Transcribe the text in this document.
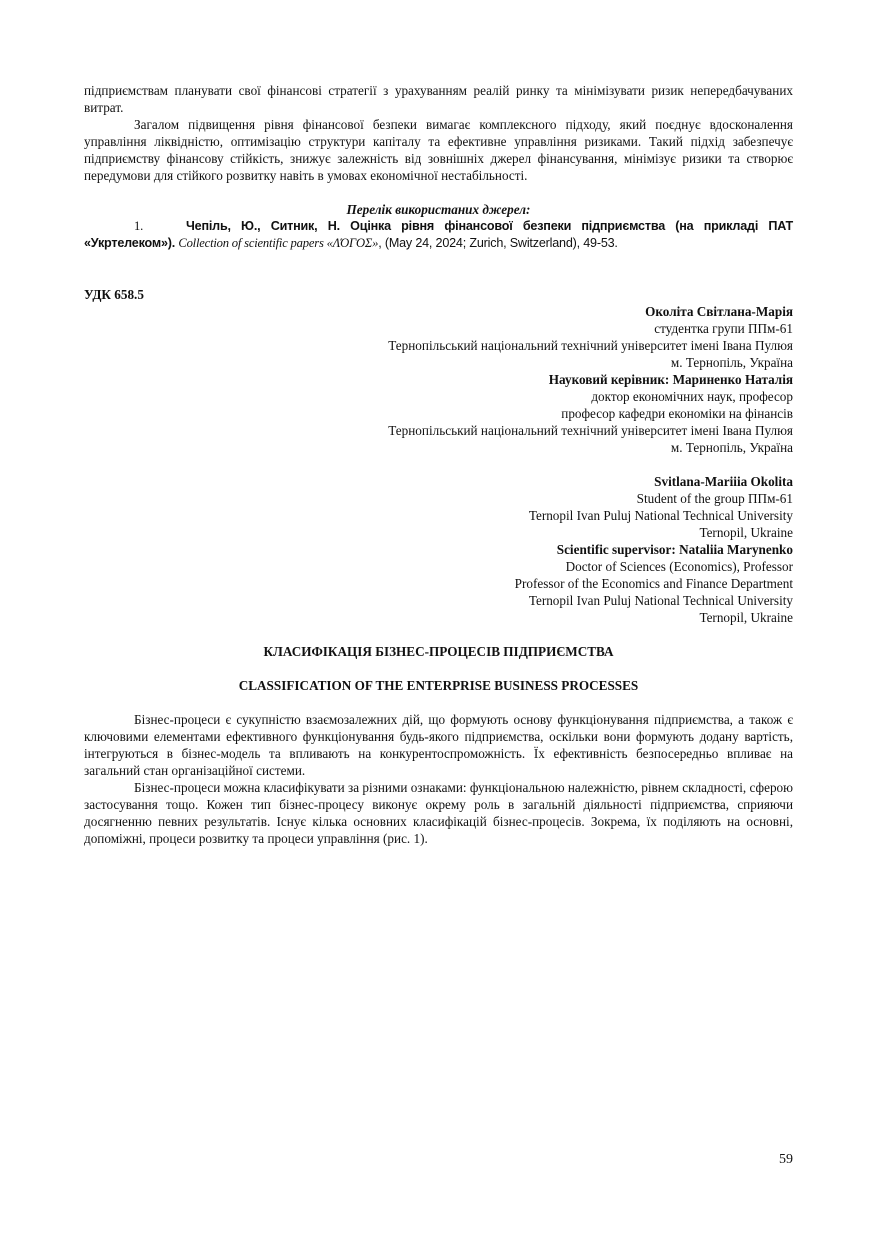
підприємствам планувати свої фінансові стратегії з урахуванням реалій ринку та мінімізувати ризик непередбачуваних витрат.

Загалом підвищення рівня фінансової безпеки вимагає комплексного підходу, який поєднує вдосконалення управління ліквідністю, оптимізацію структури капіталу та ефективне управління ризиками. Такий підхід забезпечує підприємству фінансову стійкість, знижує залежність від зовнішніх джерел фінансування, мінімізує ризики та створює передумови для стійкого розвитку навіть в умовах економічної нестабільності.

Перелік використаних джерел:

1.	Чепіль, Ю., Ситник, Н. Оцінка рівня фінансової безпеки підприємства (на прикладі ПАТ «Укртелеком»). Collection of scientific papers «ΛΌГOΣ», (May 24, 2024; Zurich, Switzerland), 49-53.

УДК 658.5

Околіта Світлана-Марія
студентка групи ППм-61
Тернопільський національний технічний університет імені Івана Пулюя
м. Тернопіль, Україна
Науковий керівник: Мариненко Наталія
доктор економічних наук, професор
професор кафедри економіки на фінансів
Тернопільський національний технічний університет імені Івана Пулюя
м. Тернопіль, Україна
Svitlana-Mariiia Okolita
Student of the group ППм-61
Ternopil Ivan Puluj National Technical University
Ternopil, Ukraine
Scientific supervisor: Nataliia Marynenko
Doctor of Sciences (Economics), Professor
Professor of the Economics and Finance Department
Ternopil Ivan Puluj National Technical University
Ternopil, Ukraine

КЛАСИФІКАЦІЯ БІЗНЕС-ПРОЦЕСІВ ПІДПРИЄМСТВА

CLASSIFICATION OF THE ENTERPRISE BUSINESS PROCESSES

Бізнес-процеси є сукупністю взаємозалежних дій, що формують основу функціонування підприємства, а також є ключовими елементами ефективного функціонування будь-якого підприємства, оскільки вони формують додану вартість, інтегруються в бізнес-модель та впливають на конкурентоспроможність. Їх ефективність безпосередньо впливає на загальний стан організаційної системи.

Бізнес-процеси можна класифікувати за різними ознаками: функціональною належністю, рівнем складності, сферою застосування тощо. Кожен тип бізнес-процесу виконує окрему роль в загальній діяльності підприємства, сприяючи досягненню певних результатів. Існує кілька основних класифікацій бізнес-процесів. Зокрема, їх поділяють на основні, допоміжні, процеси розвитку та процеси управління (рис. 1).

59
